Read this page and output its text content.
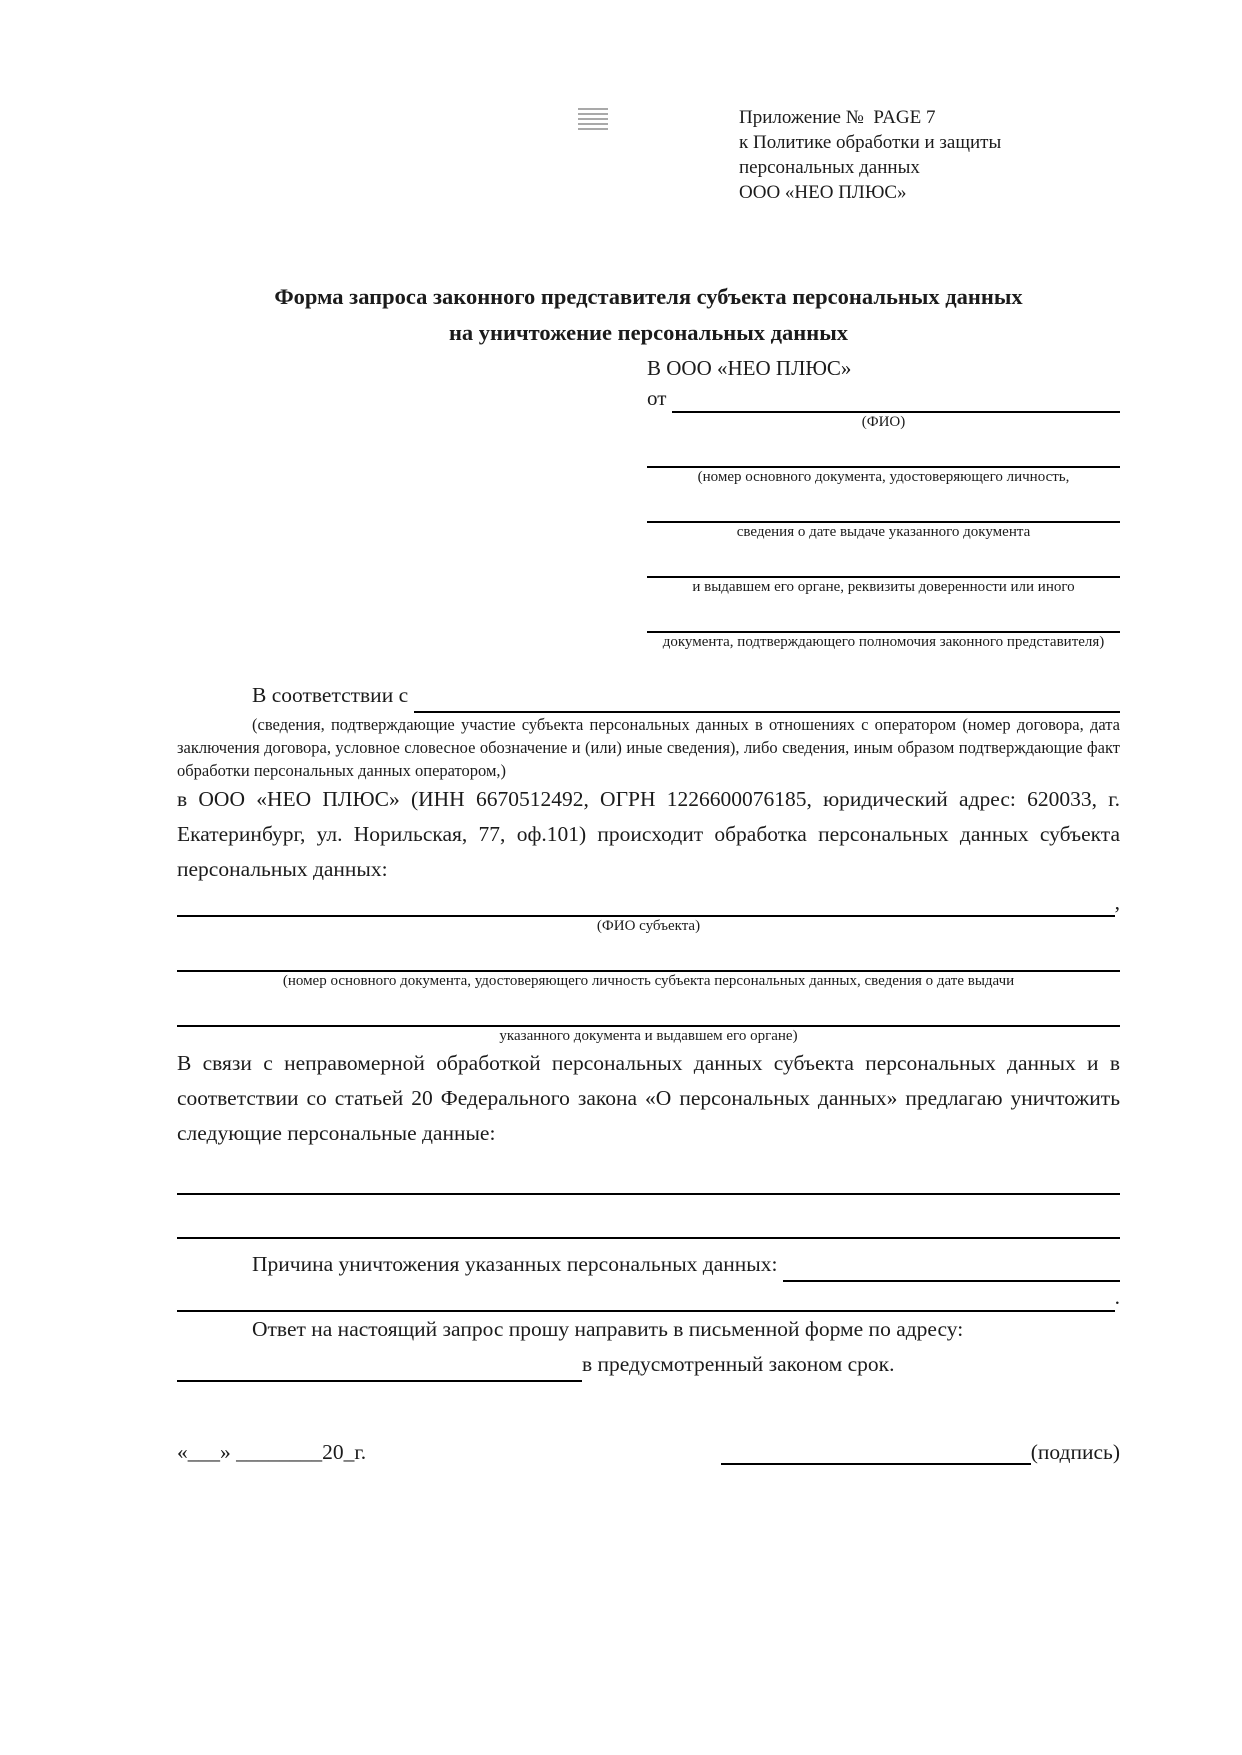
Приложение №  PAGE 7
к Политике обработки и защиты
персональных данных
ООО «НЕО ПЛЮС»
Форма запроса законного представителя субъекта персональных данных
на уничтожение персональных данных
В ООО «НЕО ПЛЮС»
от
(ФИО)
(номер основного документа, удостоверяющего личность,
сведения о дате выдаче указанного документа
и выдавшем его органе, реквизиты доверенности или иного
документа, подтверждающего полномочия законного представителя)
В соответствии с
(сведения, подтверждающие участие субъекта персональных данных в отношениях с оператором (номер договора, дата заключения договора, условное словесное обозначение и (или) иные сведения), либо сведения, иным образом подтверждающие факт обработки персональных данных оператором,)
в ООО «НЕО ПЛЮС» (ИНН 6670512492, ОГРН 1226600076185, юридический адрес: 620033, г. Екатеринбург, ул. Норильская, 77, оф.101) происходит обработка персональных данных субъекта персональных данных:
,
(ФИО субъекта)
(номер основного документа, удостоверяющего личность субъекта персональных данных, сведения о дате выдачи
указанного документа и выдавшем его органе)
В связи с неправомерной обработкой персональных данных субъекта персональных данных и в соответствии со статьей 20 Федерального закона «О персональных данных» предлагаю уничтожить следующие персональные данные:
Причина уничтожения указанных персональных данных:
.
Ответ на настоящий запрос прошу направить в письменной форме по адресу:
в предусмотренный законом срок.
«___» ________20_г.	(подпись)
